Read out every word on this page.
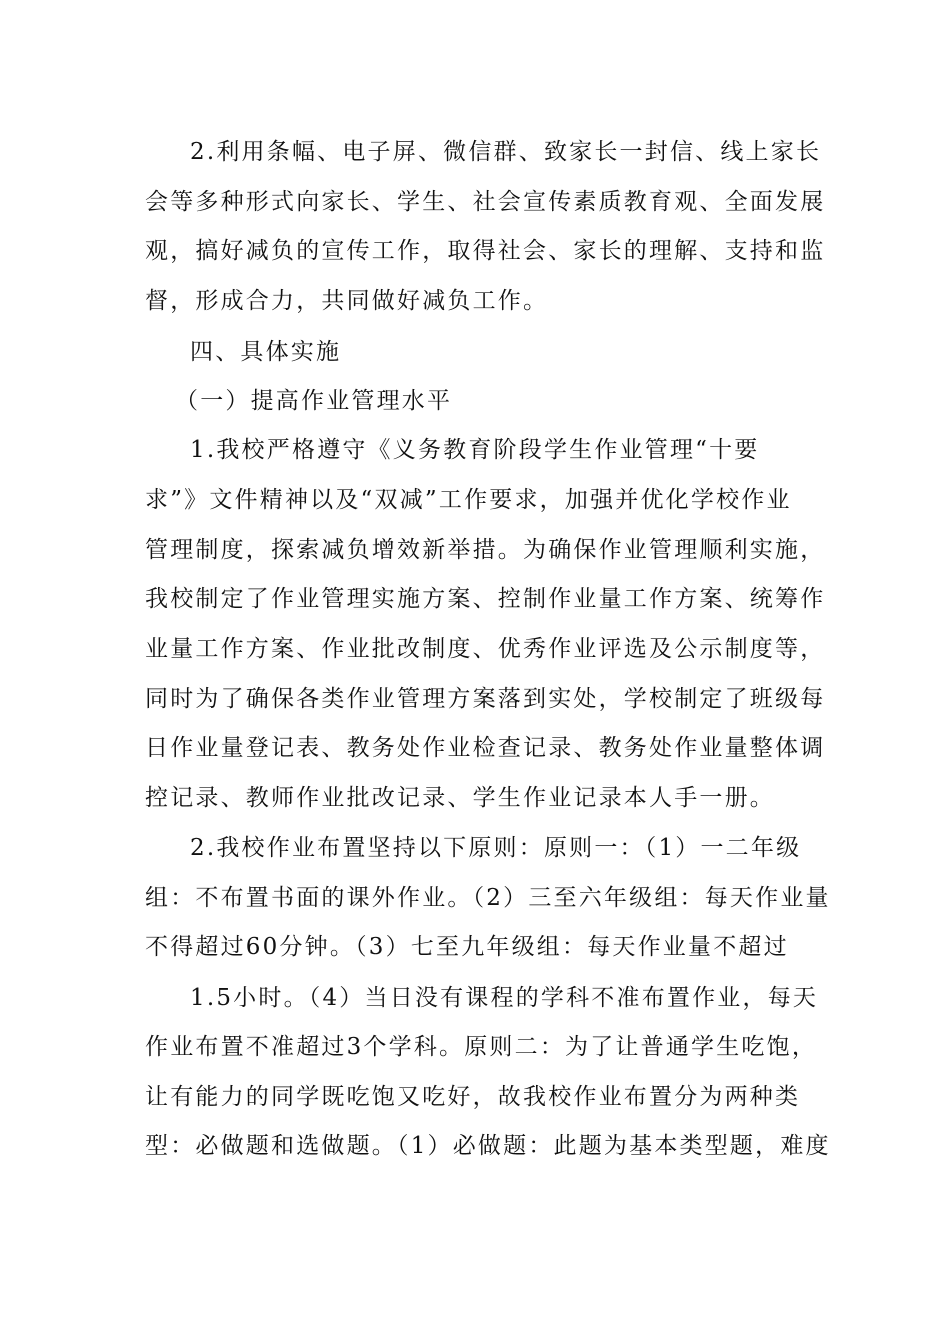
2.利用条幅、电子屏、微信群、致家长一封信、线上家长
会等多种形式向家长、学生、社会宣传素质教育观、全面发展
观，搞好减负的宣传工作，取得社会、家长的理解、支持和监
督，形成合力，共同做好减负工作。
四、具体实施
（一）提高作业管理水平
1.我校严格遵守《义务教育阶段学生作业管理“十要
求”》文件精神以及“双减”工作要求，加强并优化学校作业
管理制度，探索减负增效新举措。为确保作业管理顺利实施，
我校制定了作业管理实施方案、控制作业量工作方案、统筹作
业量工作方案、作业批改制度、优秀作业评选及公示制度等，
同时为了确保各类作业管理方案落到实处，学校制定了班级每
日作业量登记表、教务处作业检查记录、教务处作业量整体调
控记录、教师作业批改记录、学生作业记录本人手一册。
2.我校作业布置坚持以下原则：原则一：（1）一二年级
组：不布置书面的课外作业。（2）三至六年级组：每天作业量
不得超过60分钟。（3）七至九年级组：每天作业量不超过
1.5小时。（4）当日没有课程的学科不准布置作业，每天
作业布置不准超过3个学科。原则二：为了让普通学生吃饱，
让有能力的同学既吃饱又吃好，故我校作业布置分为两种类
型：必做题和选做题。（1）必做题：此题为基本类型题，难度
